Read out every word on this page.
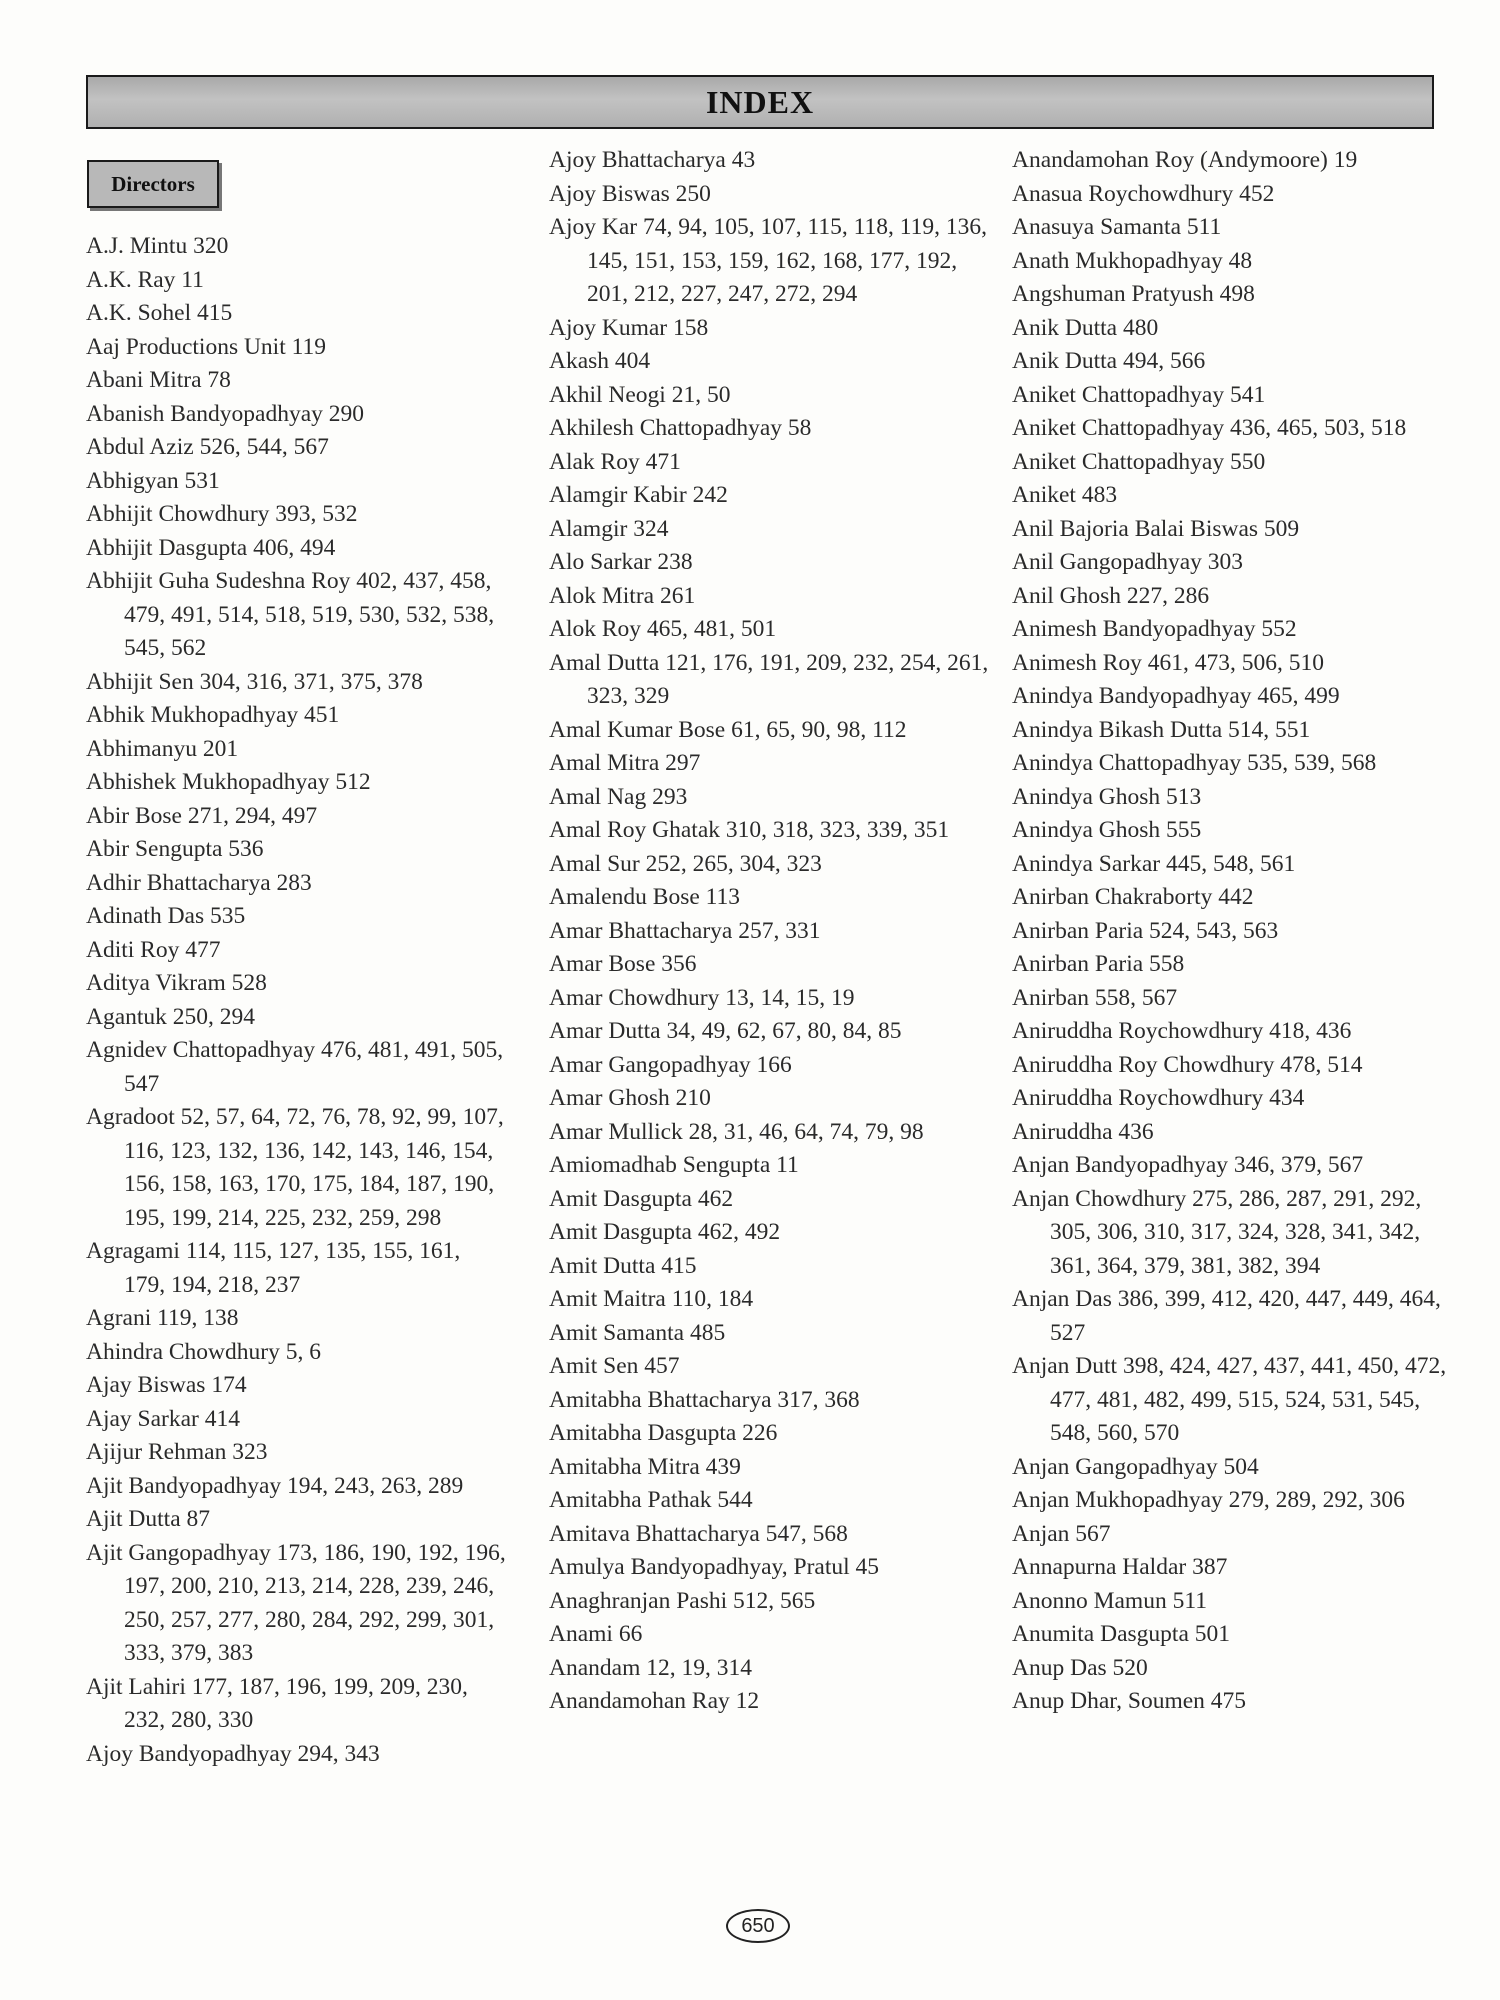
INDEX
Directors
A.J. Mintu 320
A.K. Ray 11
A.K. Sohel 415
Aaj Productions Unit 119
Abani Mitra 78
Abanish Bandyopadhyay 290
Abdul Aziz 526, 544, 567
Abhigyan 531
Abhijit Chowdhury 393, 532
Abhijit Dasgupta 406, 494
Abhijit Guha Sudeshna Roy 402, 437, 458, 479, 491, 514, 518, 519, 530, 532, 538, 545, 562
Abhijit Sen 304, 316, 371, 375, 378
Abhik Mukhopadhyay 451
Abhimanyu 201
Abhishek Mukhopadhyay 512
Abir Bose 271, 294, 497
Abir Sengupta 536
Adhir Bhattacharya 283
Adinath Das 535
Aditi Roy 477
Aditya Vikram 528
Agantuk 250, 294
Agnidev Chattopadhyay 476, 481, 491, 505, 547
Agradoot 52, 57, 64, 72, 76, 78, 92, 99, 107, 116, 123, 132, 136, 142, 143, 146, 154, 156, 158, 163, 170, 175, 184, 187, 190, 195, 199, 214, 225, 232, 259, 298
Agragami 114, 115, 127, 135, 155, 161, 179, 194, 218, 237
Agrani 119, 138
Ahindra Chowdhury 5, 6
Ajay Biswas 174
Ajay Sarkar 414
Ajijur Rehman 323
Ajit Bandyopadhyay 194, 243, 263, 289
Ajit Dutta 87
Ajit Gangopadhyay 173, 186, 190, 192, 196, 197, 200, 210, 213, 214, 228, 239, 246, 250, 257, 277, 280, 284, 292, 299, 301, 333, 379, 383
Ajit Lahiri 177, 187, 196, 199, 209, 230, 232, 280, 330
Ajoy Bandyopadhyay 294, 343
Ajoy Bhattacharya 43
Ajoy Biswas 250
Ajoy Kar 74, 94, 105, 107, 115, 118, 119, 136, 145, 151, 153, 159, 162, 168, 177, 192, 201, 212, 227, 247, 272, 294
Ajoy Kumar 158
Akash 404
Akhil Neogi 21, 50
Akhilesh Chattopadhyay 58
Alak Roy 471
Alamgir Kabir 242
Alamgir 324
Alo Sarkar 238
Alok Mitra 261
Alok Roy 465, 481, 501
Amal Dutta 121, 176, 191, 209, 232, 254, 261, 323, 329
Amal Kumar Bose 61, 65, 90, 98, 112
Amal Mitra 297
Amal Nag 293
Amal Roy Ghatak 310, 318, 323, 339, 351
Amal Sur 252, 265, 304, 323
Amalendu Bose 113
Amar Bhattacharya 257, 331
Amar Bose 356
Amar Chowdhury 13, 14, 15, 19
Amar Dutta 34, 49, 62, 67, 80, 84, 85
Amar Gangopadhyay 166
Amar Ghosh 210
Amar Mullick 28, 31, 46, 64, 74, 79, 98
Amiomadhab Sengupta 11
Amit Dasgupta 462
Amit Dasgupta 462, 492
Amit Dutta 415
Amit Maitra 110, 184
Amit Samanta 485
Amit Sen 457
Amitabha Bhattacharya 317, 368
Amitabha Dasgupta 226
Amitabha Mitra 439
Amitabha Pathak 544
Amitava Bhattacharya 547, 568
Amulya Bandyopadhyay, Pratul 45
Anaghranjan Pashi 512, 565
Anami 66
Anandam 12, 19, 314
Anandamohan Ray 12
Anandamohan Roy (Andymoore) 19
Anasua Roychowdhury 452
Anasuya Samanta 511
Anath Mukhopadhyay 48
Angshuman Pratyush 498
Anik Dutta 480
Anik Dutta 494, 566
Aniket Chattopadhyay 541
Aniket Chattopadhyay 436, 465, 503, 518
Aniket Chattopadhyay 550
Aniket 483
Anil Bajoria Balai Biswas 509
Anil Gangopadhyay 303
Anil Ghosh 227, 286
Animesh Bandyopadhyay 552
Animesh Roy 461, 473, 506, 510
Anindya Bandyopadhyay 465, 499
Anindya Bikash Dutta 514, 551
Anindya Chattopadhyay 535, 539, 568
Anindya Ghosh 513
Anindya Ghosh 555
Anindya Sarkar 445, 548, 561
Anirban Chakraborty 442
Anirban Paria 524, 543, 563
Anirban Paria 558
Anirban 558, 567
Aniruddha Roychowdhury 418, 436
Aniruddha Roy Chowdhury 478, 514
Aniruddha Roychowdhury 434
Aniruddha 436
Anjan Bandyopadhyay 346, 379, 567
Anjan Chowdhury 275, 286, 287, 291, 292, 305, 306, 310, 317, 324, 328, 341, 342, 361, 364, 379, 381, 382, 394
Anjan Das 386, 399, 412, 420, 447, 449, 464, 527
Anjan Dutt 398, 424, 427, 437, 441, 450, 472, 477, 481, 482, 499, 515, 524, 531, 545, 548, 560, 570
Anjan Gangopadhyay 504
Anjan Mukhopadhyay 279, 289, 292, 306
Anjan 567
Annapurna Haldar 387
Anonno Mamun 511
Anumita Dasgupta 501
Anup Das 520
Anup Dhar, Soumen 475
650
